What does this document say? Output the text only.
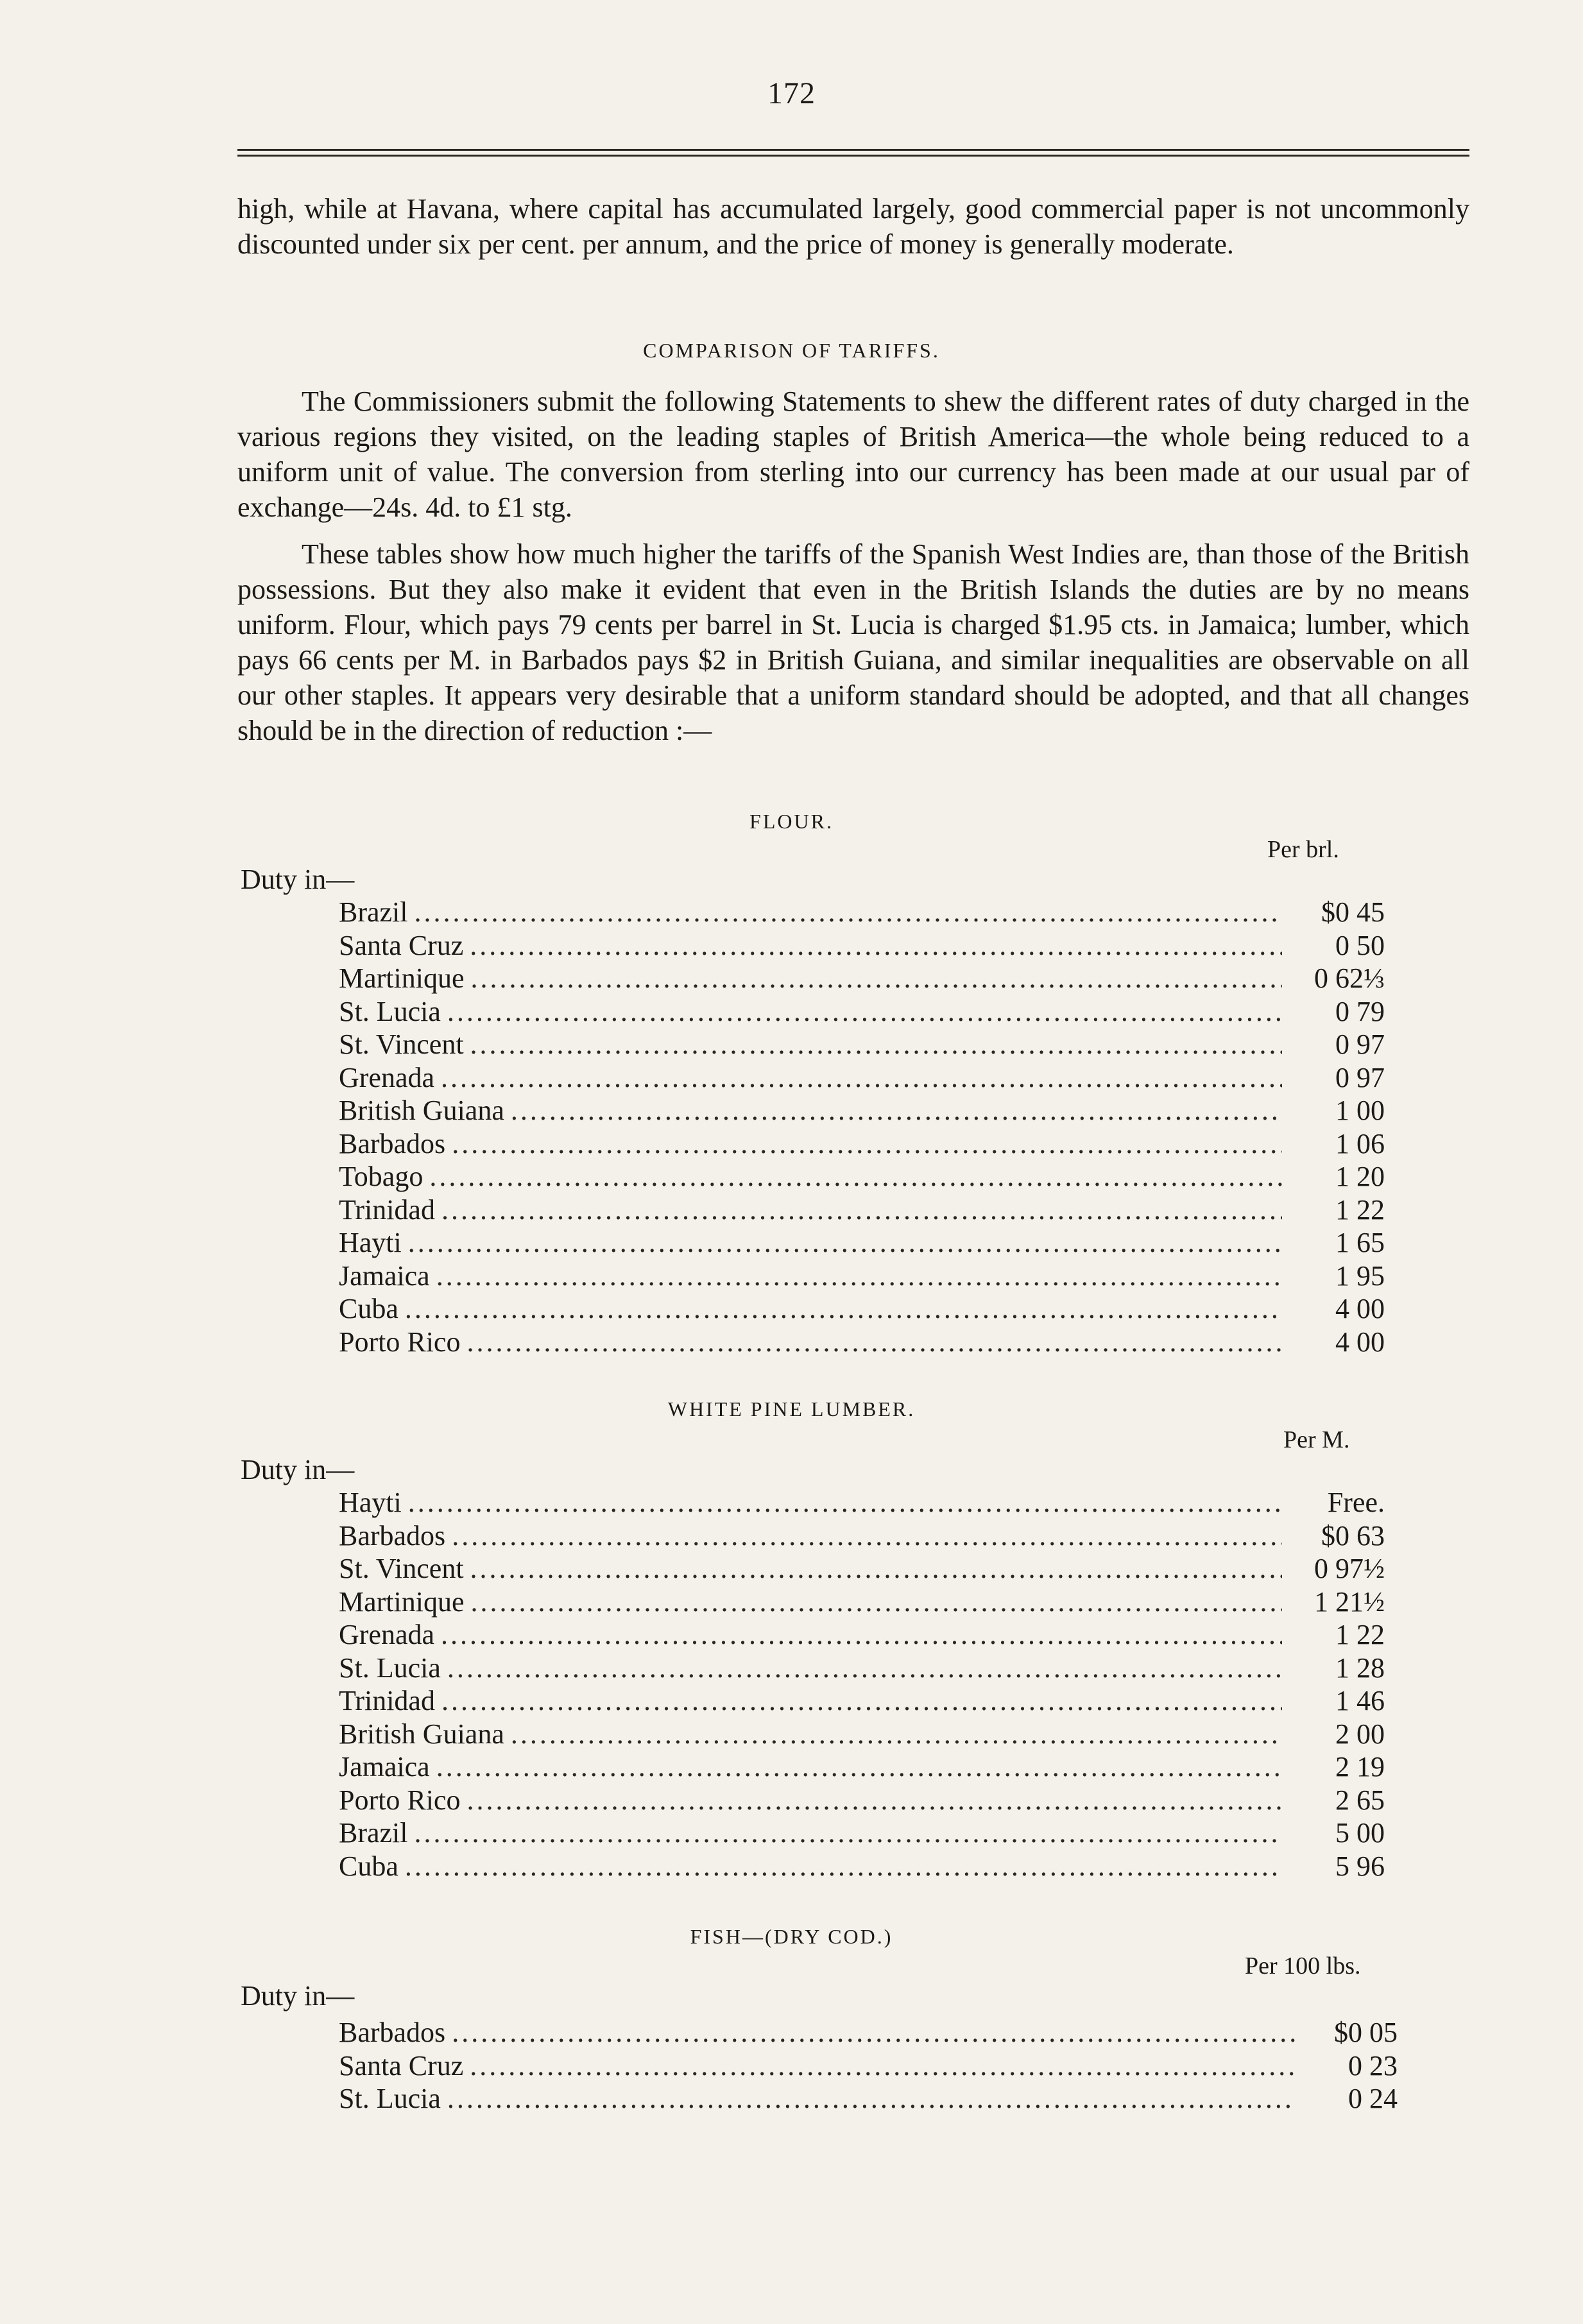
172

high, while at Havana, where capital has accumulated largely, good commercial paper is not uncommonly discounted under six per cent. per annum, and the price of money is generally moderate.

COMPARISON OF TARIFFS.

The Commissioners submit the following Statements to shew the different rates of duty charged in the various regions they visited, on the leading staples of British America—the whole being reduced to a uniform unit of value. The conversion from sterling into our currency has been made at our usual par of exchange—24s. 4d. to £1 stg.

These tables show how much higher the tariffs of the Spanish West Indies are, than those of the British possessions. But they also make it evident that even in the British Islands the duties are by no means uniform. Flour, which pays 79 cents per barrel in St. Lucia is charged $1.95 cts. in Jamaica; lumber, which pays 66 cents per M. in Barbados pays $2 in British Guiana, and similar inequalities are observable on all our other staples. It appears very desirable that a uniform standard should be adopted, and that all changes should be in the direction of reduction :—

FLOUR.
Per brl.
Duty in—
Brazil .....	$0 45
Santa Cruz .....	0 50
Martinique .....	0 62⅓
St. Lucia .....	0 79
St. Vincent .....	0 97
Grenada .....	0 97
British Guiana .....	1 00
Barbados .....	1 06
Tobago .....	1 20
Trinidad .....	1 22
Hayti .....	1 65
Jamaica .....	1 95
Cuba .....	4 00
Porto Rico .....	4 00
WHITE PINE LUMBER.
Per M.
Duty in—
Hayti .....	Free.
Barbados .....	$0 63
St. Vincent .....	0 97½
Martinique .....	1 21½
Grenada .....	1 22
St. Lucia .....	1 28
Trinidad .....	1 46
British Guiana .....	2 00
Jamaica .....	2 19
Porto Rico .....	2 65
Brazil .....	5 00
Cuba .....	5 96
FISH—(DRY COD.)
Per 100 lbs.
Duty in—
Barbados .....	$0 05
Santa Cruz .....	0 23
St. Lucia .....	0 24
